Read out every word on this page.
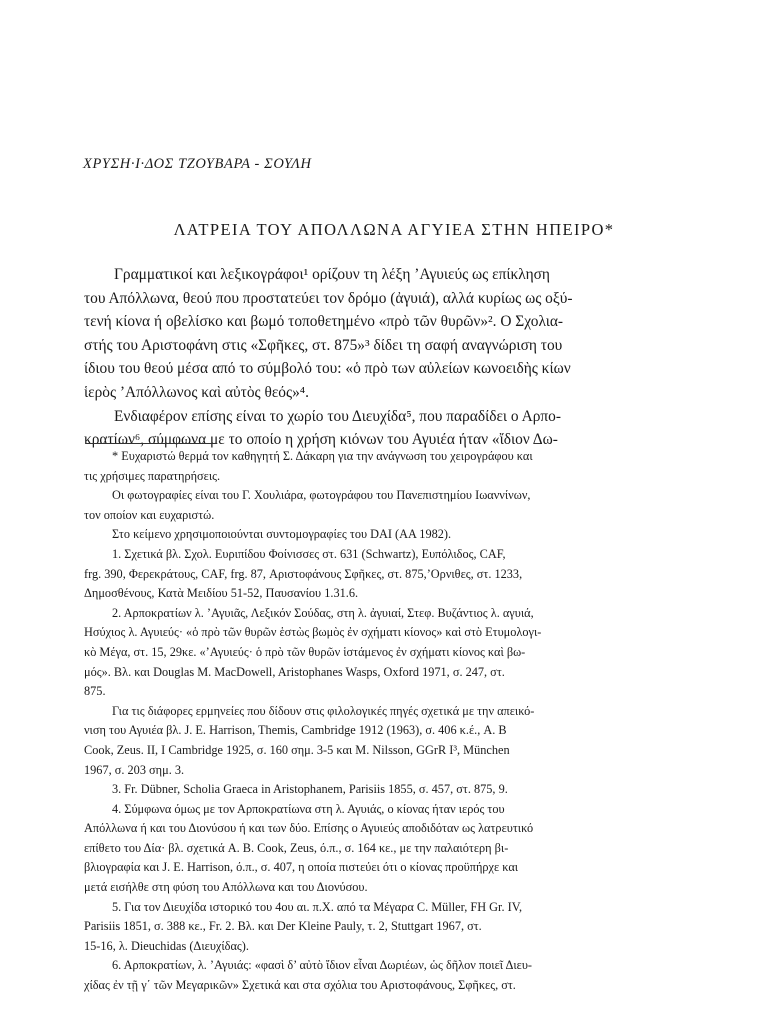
ΧΡΥΣΗ·Ι·ΔΟΣ ΤΖΟΥΒΑΡΑ - ΣΟΥΛΗ
ΛΑΤΡΕΙΑ ΤΟΥ ΑΠΟΛΛΩΝΑ ΑΓΥΙΕΑ ΣΤΗΝ ΗΠΕΙΡΟ*
Γραμματικοί και λεξικογράφοι¹ ορίζουν τη λέξη ’Αγυιεύς ως επίκληση
του Απόλλωνα, θεού που προστατεύει τον δρόμο (ἀγυιά), αλλά κυρίως ως οξύ-
τενή κίονα ή οβελίσκο και βωμό τοποθετημένο «πρὸ τῶν θυρῶν»². Ο Σχολια-
στής του Αριστοφάνη στις «Σφῆκες, στ. 875»³ δίδει τη σαφή αναγνώριση του
ίδιου του θεού μέσα από το σύμβολό του: «ὁ πρὸ των αὐλείων κωνοειδὴς κίων
ἱερὸς ’Απόλλωνος καὶ αὐτὸς θεός»⁴.
Ενδιαφέρον επίσης είναι το χωρίο του Διευχίδα⁵, που παραδίδει ο Αρπο-
κρατίων⁶, σύμφωνα με το οποίο η χρήση κιόνων του Αγυιέα ήταν «ἴδιον Δω-
* Ευχαριστώ θερμά τον καθηγητή Σ. Δάκαρη για την ανάγνωση του χειρογράφου και
τις χρήσιμες παρατηρήσεις.
Οι φωτογραφίες είναι του Γ. Χουλιάρα, φωτογράφου του Πανεπιστημίου Ιωαννίνων,
τον οποίον και ευχαριστώ.
Στο κείμενο χρησιμοποιούνται συντομογραφίες του DAI (AA 1982).
1. Σχετικά βλ. Σχολ. Ευριπίδου Φοίνισσες στ. 631 (Schwartz), Ευπόλιδος, CAF,
frg. 390, Φερεκράτους, CAF, frg. 87, Αριστοφάνους Σφῆκες, στ. 875,’Ορνιθες, στ. 1233,
Δημοσθένους, Κατὰ Μειδίου 51-52, Παυσανίου 1.31.6.
2. Αρποκρατίων λ. ’Αγυιᾶς, Λεξικόν Σούδας, στη λ. ἀγυιαί, Στεφ. Βυζάντιος λ. αγυιά,
Ησύχιος λ. Αγυιεύς· «ὁ πρὸ τῶν θυρῶν ἑστὼς βωμὸς ἐν σχήματι κίονος» καὶ στὸ Ετυμολογι-
κὸ Μέγα, στ. 15, 29κε. «’Αγυιεύς· ὁ πρὸ τῶν θυρῶν ἱστάμενος ἐν σχήματι κίονος καὶ βω-
μός». Βλ. και Douglas M. MacDowell, Aristophanes Wasps, Oxford 1971, σ. 247, στ.
875.
Για τις διάφορες ερμηνείες που δίδουν στις φιλολογικές πηγές σχετικά με την απεικό-
νιση του Αγυιέα βλ. J. E. Harrison, Themis, Cambridge 1912 (1963), σ. 406 κ.έ., A. B
Cook, Zeus. II, I Cambridge 1925, σ. 160 σημ. 3-5 και M. Nilsson, GGrR I³, München
1967, σ. 203 σημ. 3.
3. Fr. Dübner, Scholia Graeca in Aristophanem, Parisiis 1855, σ. 457, στ. 875, 9.
4. Σύμφωνα όμως με τον Αρποκρατίωνα στη λ. Αγυιάς, ο κίονας ήταν ιερός του
Απόλλωνα ή και του Διονύσου ή και των δύο. Επίσης ο Αγυιεύς αποδιδόταν ως λατρευτικό
επίθετο του Δία· βλ. σχετικά A. B. Cook, Zeus, ό.π., σ. 164 κε., με την παλαιότερη βι-
βλιογραφία και J. E. Harrison, ό.π., σ. 407, η οποία πιστεύει ότι ο κίονας προϋπήρχε και
μετά εισήλθε στη φύση του Απόλλωνα και του Διονύσου.
5. Για τον Διευχίδα ιστορικό του 4ου αι. π.Χ. από τα Μέγαρα C. Müller, FH Gr. IV,
Parisiis 1851, σ. 388 κε., Fr. 2. Βλ. και Der Kleine Pauly, τ. 2, Stuttgart 1967, στ.
15-16, λ. Dieuchidas (Διευχίδας).
6. Αρποκρατίων, λ. ’Αγυιάς: «φασὶ δ’ αὐτὸ ἴδιον εἶναι Δωριέων, ὡς δῆλον ποιεῖ Διευ-
χίδας ἐν τῇ γ΄ τῶν Μεγαρικῶν» Σχετικά και στα σχόλια του Αριστοφάνους, Σφῆκες, στ.
